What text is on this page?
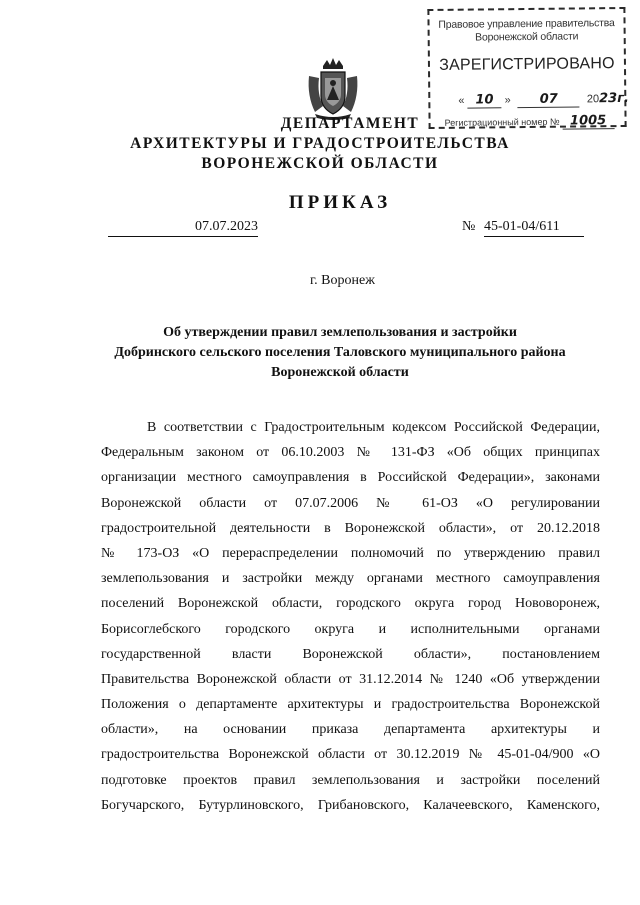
Правовое управление правительства
Воронежской области
ЗАРЕГИСТРИРОВАНО
« 10 » 07	2023г.
Регистрационный номер № 1005
ДЕПАРТАМЕНТ
АРХИТЕКТУРЫ И ГРАДОСТРОИТЕЛЬСТВА
ВОРОНЕЖСКОЙ ОБЛАСТИ
ПРИКАЗ
07.07.2023	№ 45-01-04/611
г. Воронеж
Об утверждении правил землепользования и застройки
Добринского сельского поселения Таловского муниципального района
Воронежской области
В соответствии с Градостроительным кодексом Российской Федерации,
Федеральным законом от 06.10.2003 № 131-ФЗ «Об общих принципах
организации местного самоуправления в Российской Федерации», законами
Воронежской области от 07.07.2006 № 61-ОЗ «О регулировании
градостроительной деятельности в Воронежской области», от 20.12.2018
№ 173-ОЗ «О перераспределении полномочий по утверждению правил
землепользования и застройки между органами местного самоуправления
поселений Воронежской области, городского округа город Нововоронеж,
Борисоглебского городского округа и исполнительными органами
государственной власти Воронежской области», постановлением
Правительства Воронежской области от 31.12.2014 № 1240 «Об утверждении
Положения о департаменте архитектуры и градостроительства Воронежской
области», на основании приказа департамента архитектуры и
градостроительства Воронежской области от 30.12.2019 № 45-01-04/900 «О
подготовке проектов правил землепользования и застройки поселений
Богучарского, Бутурлиновского, Грибановского, Калачеевского, Каменского,
